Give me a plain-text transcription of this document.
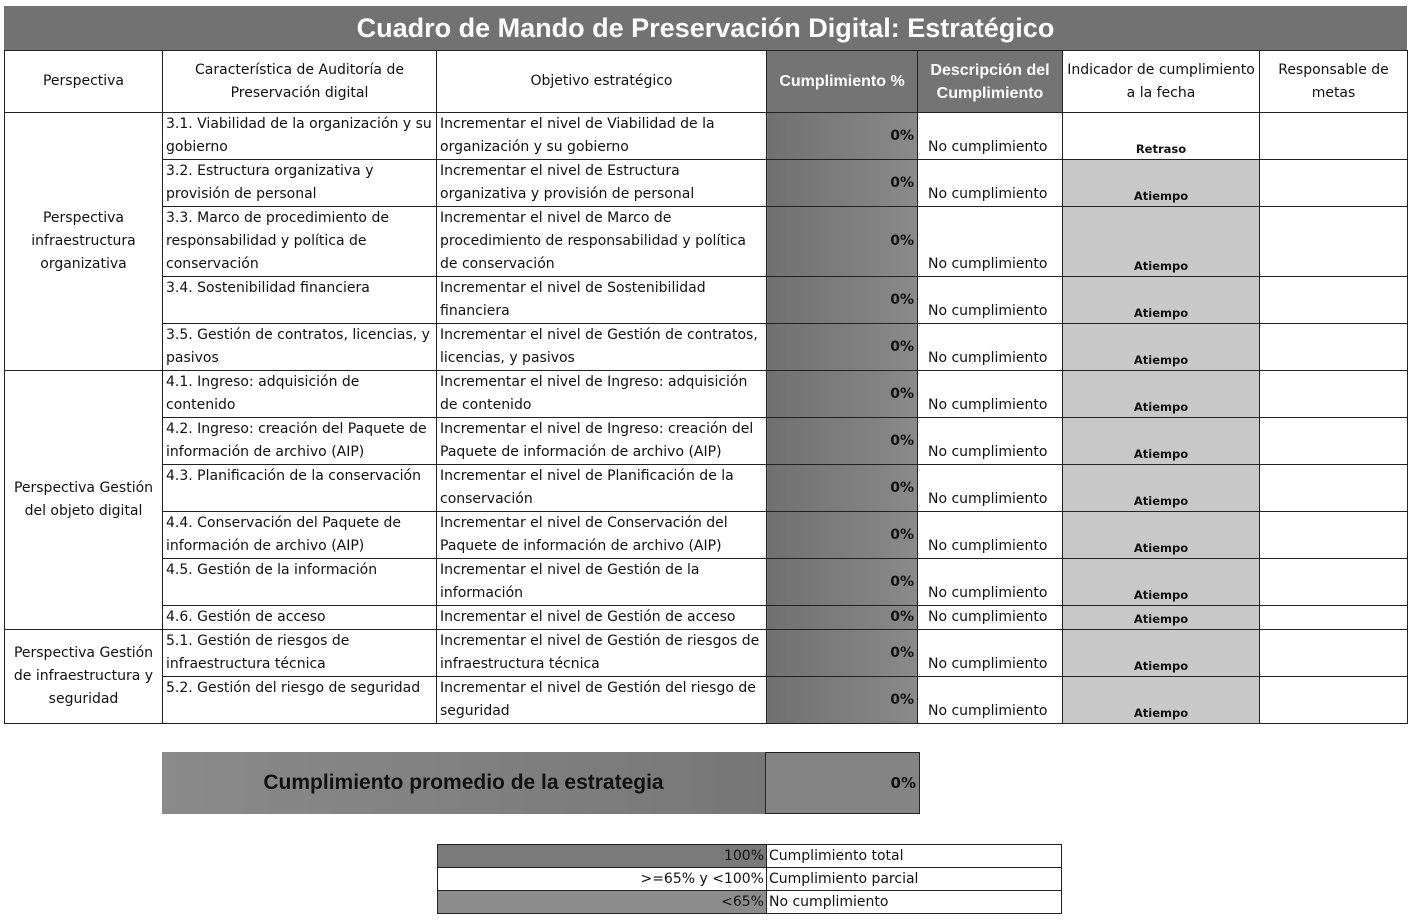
Cuadro de Mando de Preservación Digital: Estratégico
Perspectiva	Característica de Auditoría de Preservación digital	Objetivo estratégico	Cumplimiento %	Descripción del Cumplimiento	Indicador de cumplimiento a la fecha	Responsable de metas
Perspectiva infraestructura organizativa	3.1. Viabilidad de la organización y su gobierno	Incrementar el nivel de Viabilidad de la organización y su gobierno	0%	No cumplimiento	Retraso	
	3.2. Estructura organizativa y provisión de personal	Incrementar el nivel de Estructura organizativa y provisión de personal	0%	No cumplimiento	Atiempo	
	3.3. Marco de procedimiento de responsabilidad y política de conservación	Incrementar el nivel de Marco de procedimiento de responsabilidad y política de conservación	0%	No cumplimiento	Atiempo	
	3.4. Sostenibilidad financiera	Incrementar el nivel de Sostenibilidad financiera	0%	No cumplimiento	Atiempo	
	3.5. Gestión de contratos, licencias, y pasivos	Incrementar el nivel de Gestión de contratos, licencias, y pasivos	0%	No cumplimiento	Atiempo	
Perspectiva Gestión del objeto digital	4.1. Ingreso: adquisición de contenido	Incrementar el nivel de Ingreso: adquisición de contenido	0%	No cumplimiento	Atiempo	
	4.2. Ingreso: creación del Paquete de información de archivo (AIP)	Incrementar el nivel de Ingreso: creación del Paquete de información de archivo (AIP)	0%	No cumplimiento	Atiempo	
	4.3. Planificación de la conservación	Incrementar el nivel de Planificación de la conservación	0%	No cumplimiento	Atiempo	
	4.4. Conservación del Paquete de información de archivo (AIP)	Incrementar el nivel de Conservación del Paquete de información de archivo (AIP)	0%	No cumplimiento	Atiempo	
	4.5. Gestión de la información	Incrementar el nivel de Gestión de la información	0%	No cumplimiento	Atiempo	
	4.6. Gestión de acceso	Incrementar el nivel de Gestión de acceso	0%	No cumplimiento	Atiempo	
Perspectiva Gestión de infraestructura y seguridad	5.1. Gestión de riesgos de infraestructura técnica	Incrementar el nivel de Gestión de riesgos de infraestructura técnica	0%	No cumplimiento	Atiempo	
	5.2. Gestión del riesgo de seguridad	Incrementar el nivel de Gestión del riesgo de seguridad	0%	No cumplimiento	Atiempo	
Cumplimiento promedio de la estrategia	0%
100%	Cumplimiento total
>=65% y <100%	Cumplimiento parcial
<65%	No cumplimiento
